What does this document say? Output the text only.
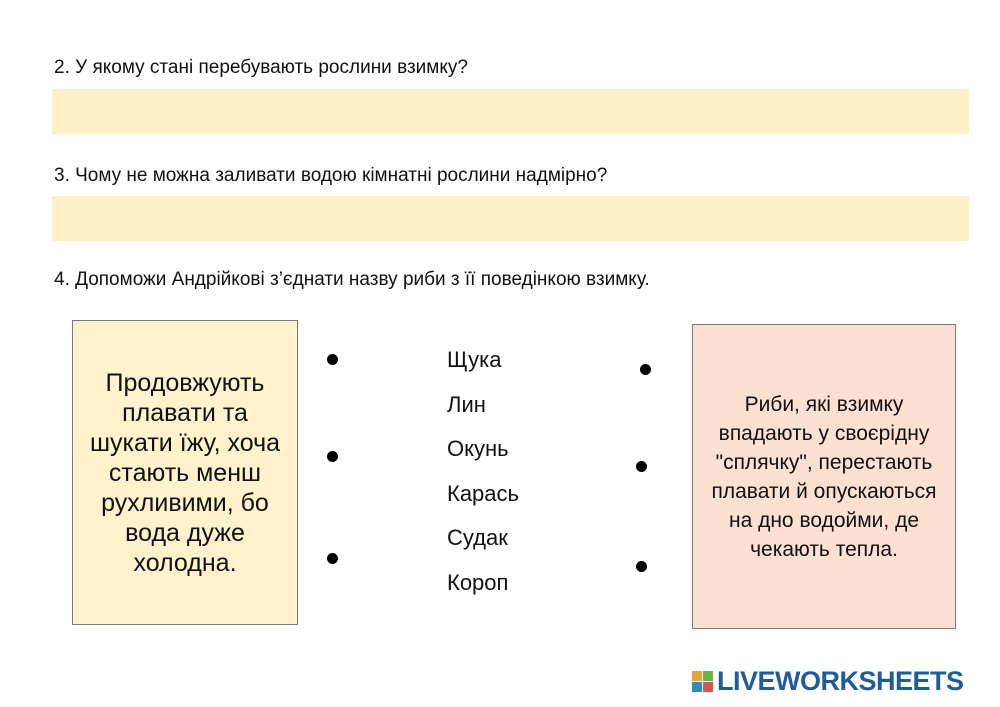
2. У якому стані перебувають рослини взимку?
3. Чому не можна заливати водою кімнатні рослини надмірно?
4. Допоможи Андрійкові з’єднати назву риби з її поведінкою взимку.
Продовжують плавати та шукати їжу, хоча стають менш рухливими, бо вода дуже холодна.
Щука
Лин
Окунь
Карась
Судак
Короп
Риби, які взимку впадають у своєрідну "сплячку", перестають плавати й опускаються на дно водойми, де чекають тепла.
LIVEWORKSHEETS
